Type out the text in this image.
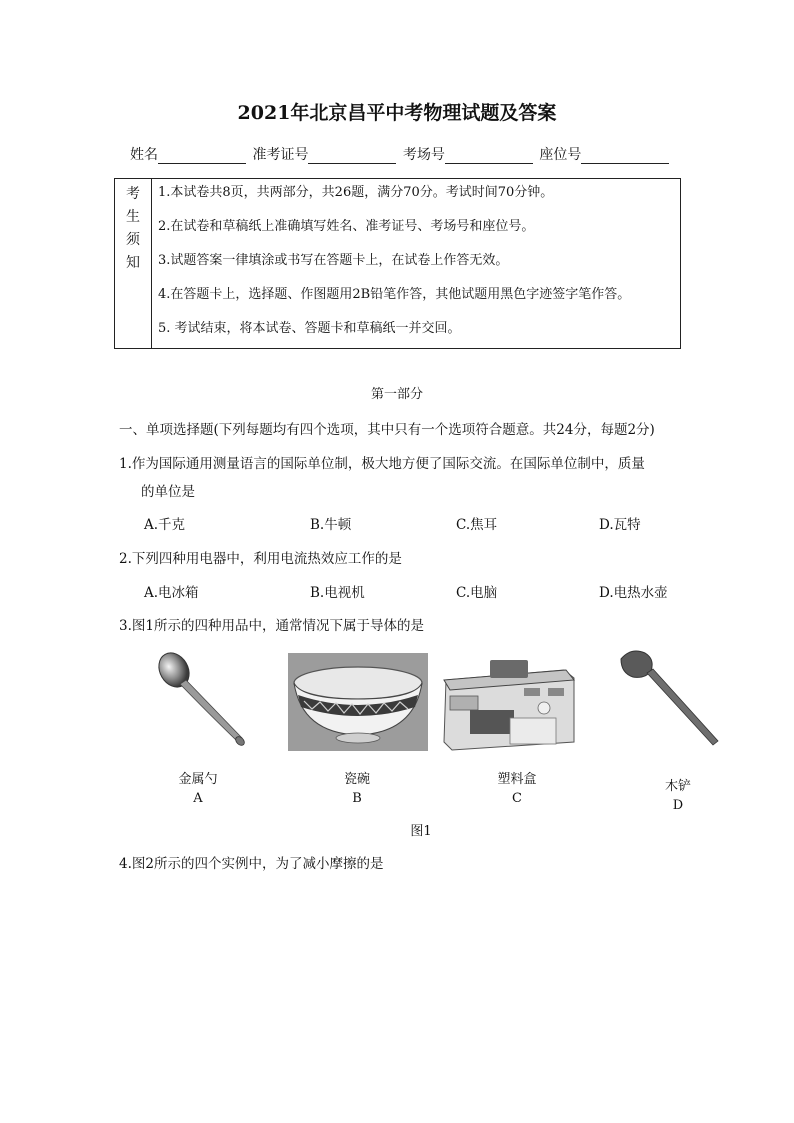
2021年北京昌平中考物理试题及答案
姓名	准考证号	考场号	座位号
考
生
须
知
1.本试卷共8页，共两部分，共26题，满分70分。考试时间70分钟。
2.在试卷和草稿纸上准确填写姓名、准考证号、考场号和座位号。
3.试题答案一律填涂或书写在答题卡上，在试卷上作答无效。
4.在答题卡上，选择题、作图题用2B铅笔作答，其他试题用黑色字迹签字笔作答。
5. 考试结束，将本试卷、答题卡和草稿纸一并交回。
第一部分
一、单项选择题(下列每题均有四个选项，其中只有一个选项符合题意。共24分，每题2分)
1.作为国际通用测量语言的国际单位制，极大地方便了国际交流。在国际单位制中，质量
的单位是
A.千克	B.牛顿	C.焦耳	D.瓦特
2.下列四种用电器中，利用电流热效应工作的是
A.电冰箱	B.电视机	C.电脑	D.电热水壶
3.图1所示的四种用品中，通常情况下属于导体的是
金属勺
A
瓷碗
B
塑料盒
C
木铲
D
图1
4.图2所示的四个实例中，为了减小摩擦的是
